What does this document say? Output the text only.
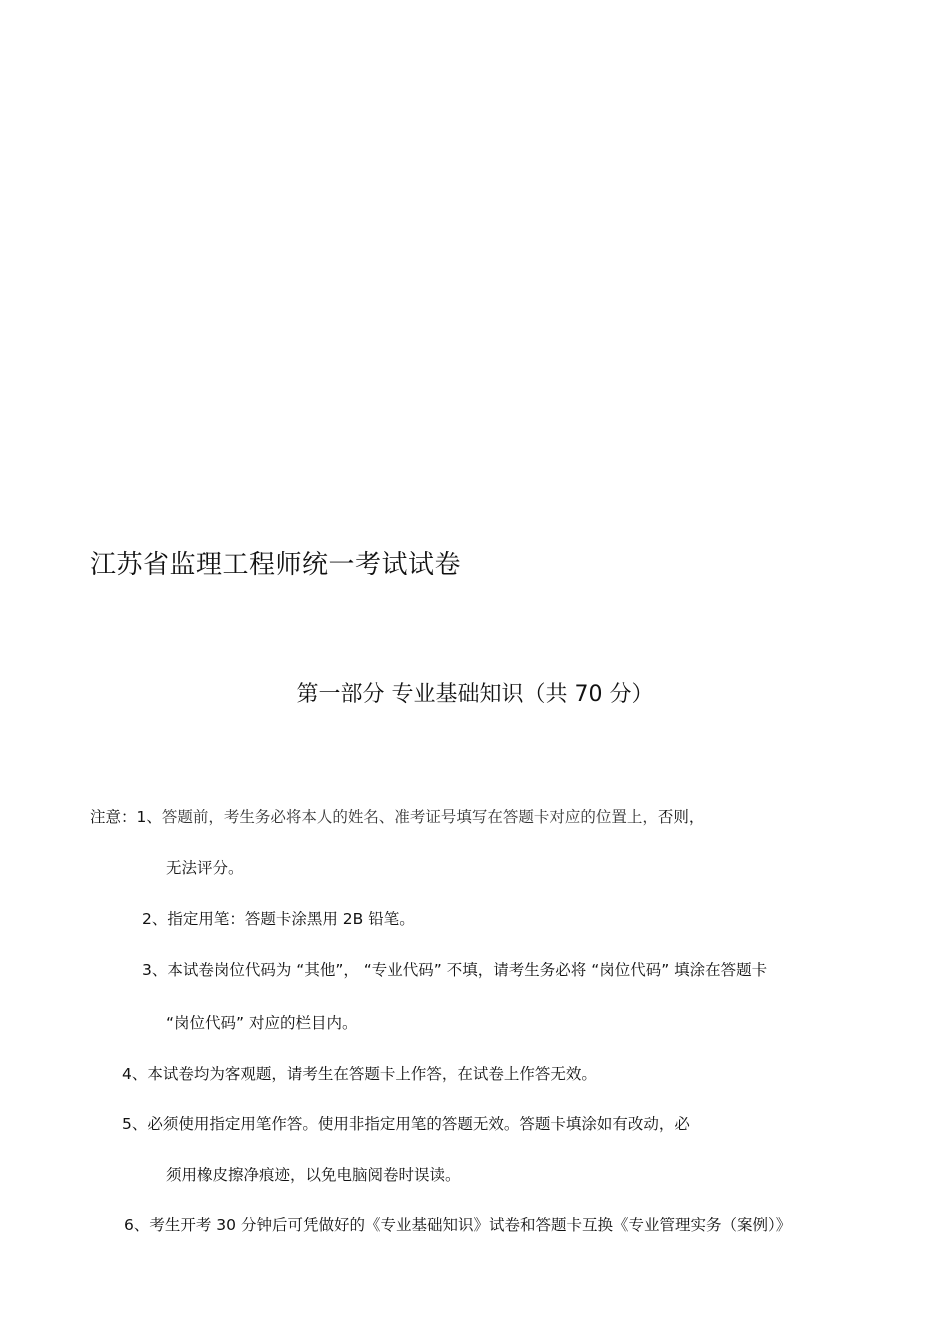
江苏省监理工程师统一考试试卷
第一部分 专业基础知识（共 70 分）
注意：1、答题前，考生务必将本人的姓名、准考证号填写在答题卡对应的位置上，否则，
无法评分。
2、指定用笔：答题卡涂黑用 2B 铅笔。
3、本试卷岗位代码为 “其他”， “专业代码” 不填，请考生务必将 “岗位代码” 填涂在答题卡
“岗位代码” 对应的栏目内。
4、本试卷均为客观题，请考生在答题卡上作答，在试卷上作答无效。
5、必须使用指定用笔作答。使用非指定用笔的答题无效。答题卡填涂如有改动，必
须用橡皮擦净痕迹，以免电脑阅卷时误读。
6、考生开考 30 分钟后可凭做好的《专业基础知识》试卷和答题卡互换《专业管理实务（案例）》
